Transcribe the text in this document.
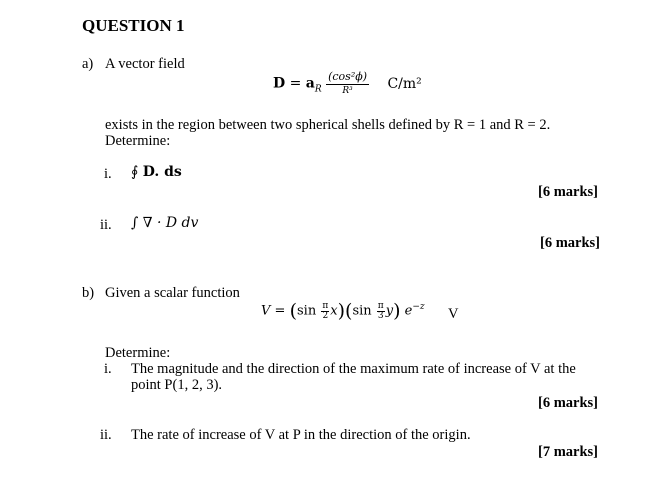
QUESTION 1
a) A vector field
$D = a_R \frac{\text{(cos²ϕ)}}{\text{R³}} C/m^2$
exists in the region between two spherical shells defined by R = 1 and R = 2.
Determine:
i. ∮ D. ds
[6 marks]
ii. ∫ ∇ · D dv
[6 marks]
b) Given a scalar function
$V = (\sin \frac{\pi}{2} x)(\sin \frac{\pi}{3} y)$ $e^{-z}$ V
Determine:
i. The magnitude and the direction of the maximum rate of increase of V at the
point P(1, 2, 3).
[6 marks]
ii. The rate of increase of V at P in the direction of the origin.
[7 marks]
